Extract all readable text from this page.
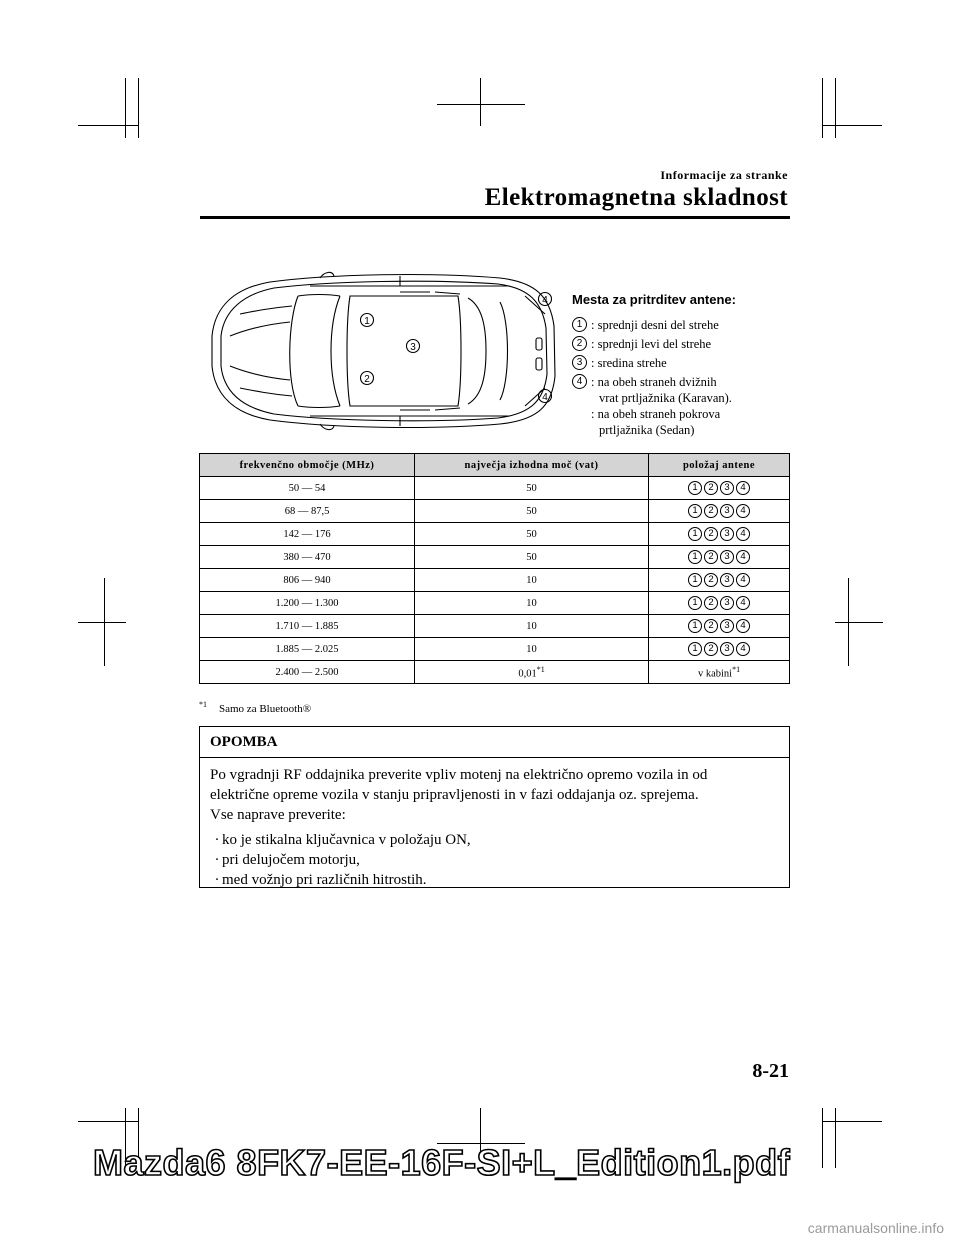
Informacije za stranke
Elektromagnetna skladnost
1
2
3
4
4
Mesta za pritrditev antene:
1 : sprednji desni del strehe
2 : sprednji levi del strehe
3 : sredina strehe
4 : na obeh straneh dvižnih
vrat prtljažnika (Karavan).
: na obeh straneh pokrova
prtljažnika (Sedan)
frekvenčno območje (MHz)	največja izhodna moč (vat)	položaj antene
50 ― 54	50	1 2 3 4

68 ― 87,5	50	1 2 3 4

142 ― 176	50	1 2 3 4

380 ― 470	50	1 2 3 4

806 ― 940	10	1 2 3 4

1.200 ― 1.300	10	1 2 3 4

1.710 ― 1.885	10	1 2 3 4

1.885 ― 2.025	10	1 2 3 4

2.400 ― 2.500	0,01$^{*1}$	v kabini$^{*1}$
$^{*1}$ Samo za Bluetooth®
OPOMBA
Po vgradnji RF oddajnika preverite vpliv motenj na električno opremo vozila in od električne opreme vozila v stanju pripravljenosti in v fazi oddajanja oz. sprejema.
Vse naprave preverite:
· ko je stikalna ključavnica v položaju ON,
· pri delujočem motorju,
· med vožnjo pri različnih hitrostih.
8-21
Mazda6 8FK7-EE-16F-SI+L_Edition1.pdf
carmanualsonline.info
